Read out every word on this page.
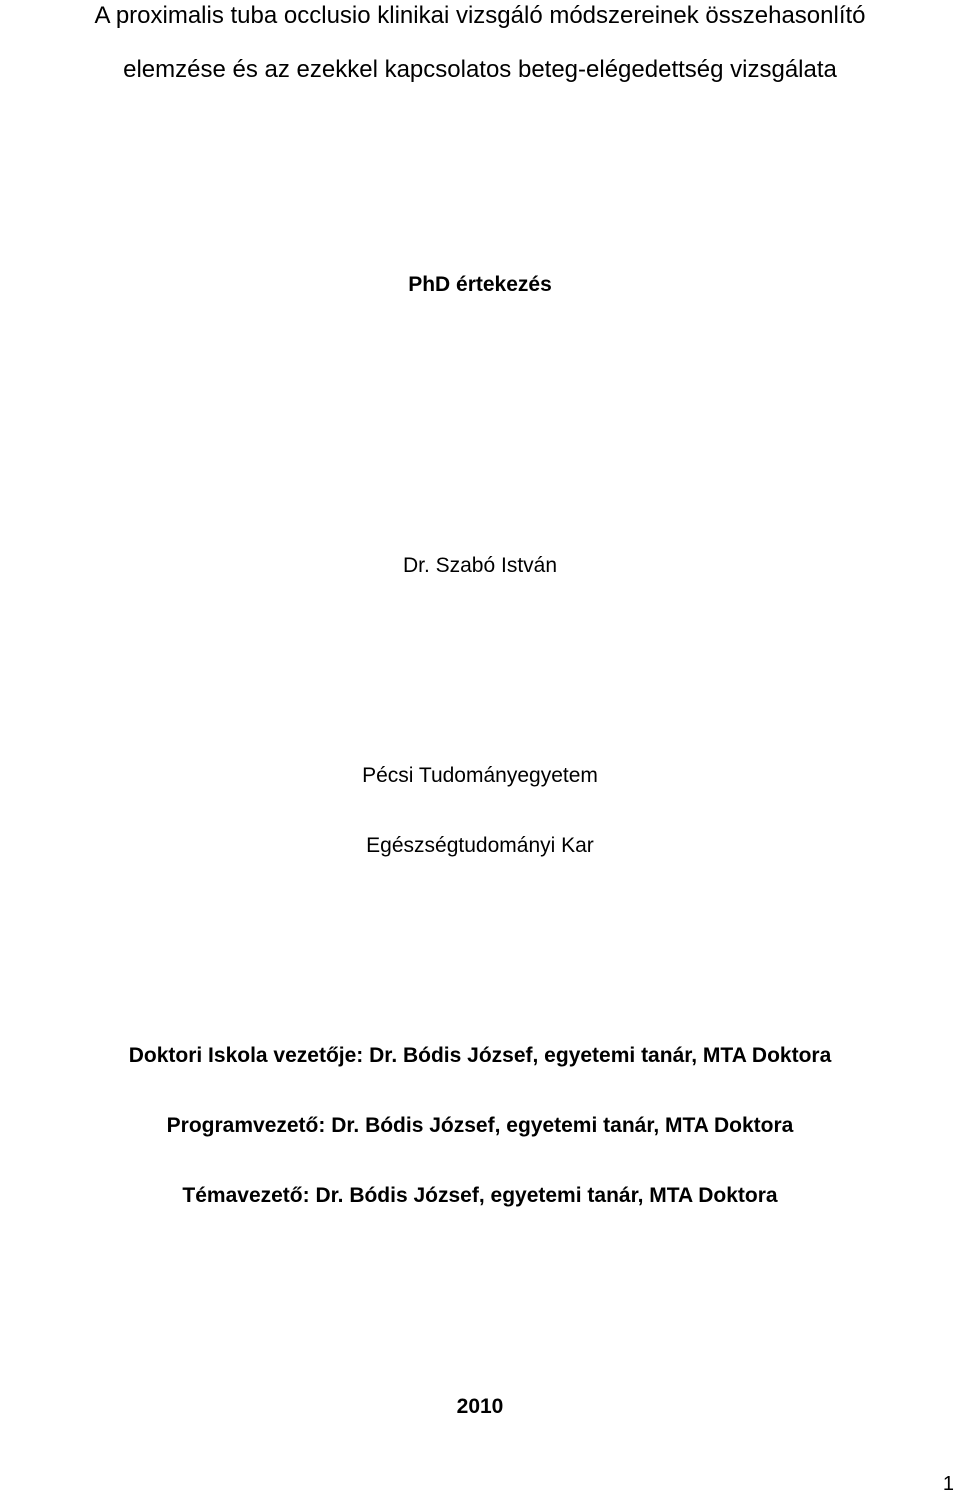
A proximalis tuba occlusio klinikai vizsgáló módszereinek összehasonlító
elemzése és az ezekkel kapcsolatos beteg-elégedettség vizsgálata
PhD értekezés
Dr. Szabó István
Pécsi Tudományegyetem
Egészségtudományi Kar
Doktori Iskola vezetője: Dr. Bódis József, egyetemi tanár, MTA Doktora
Programvezető: Dr. Bódis József, egyetemi tanár, MTA Doktora
Témavezető: Dr. Bódis József, egyetemi tanár, MTA Doktora
2010
1
